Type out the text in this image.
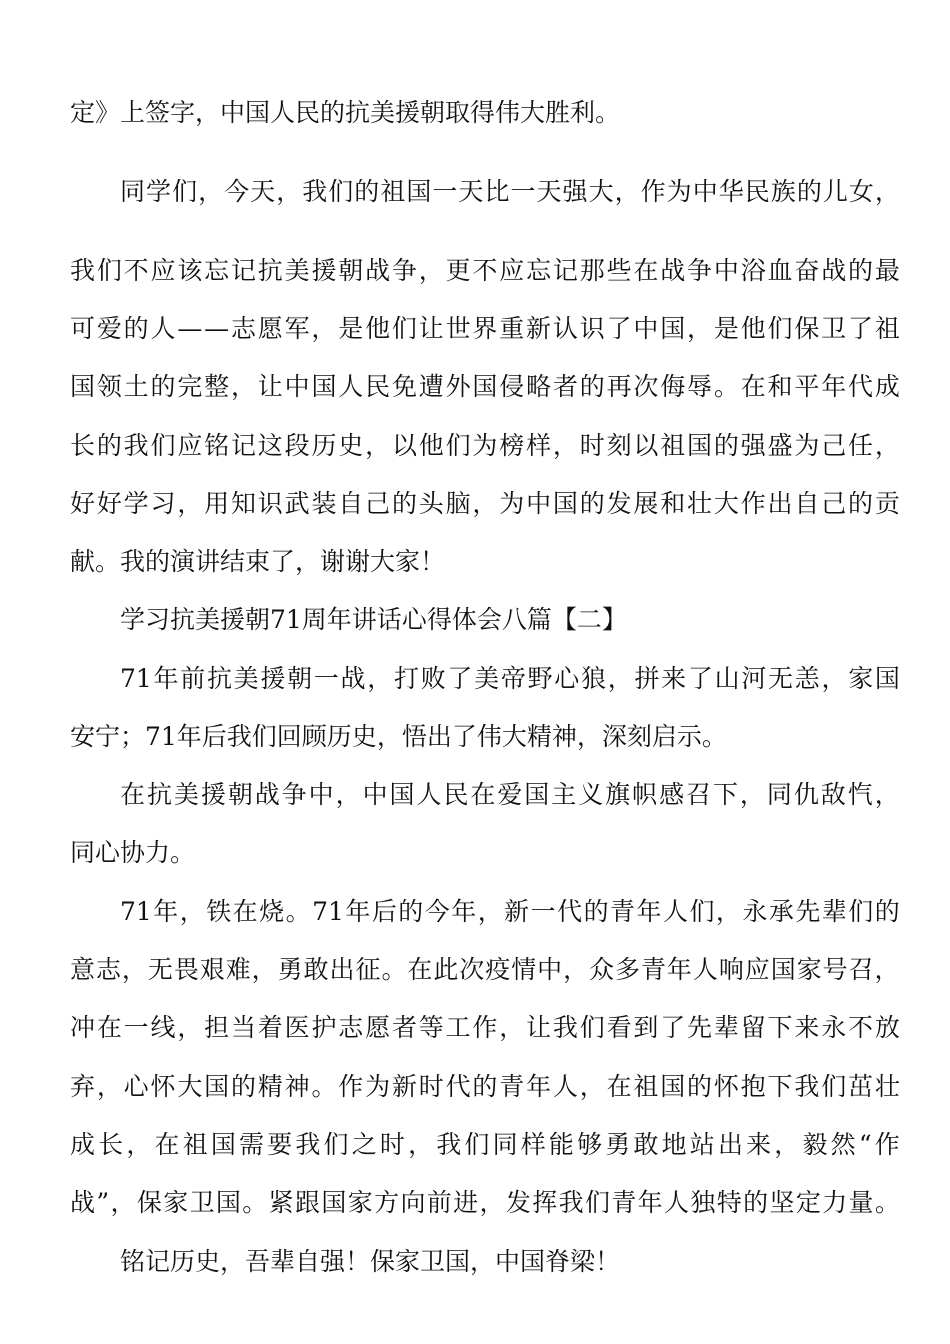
定》上签字，中国人民的抗美援朝取得伟大胜利。
同 学 们 ， 今 天 ， 我 们 的 祖 国 一 天 比 一 天 强 大 ， 作 为 中 华 民 族 的 儿 女 ，
我 们 不 应 该 忘 记 抗 美 援 朝 战 争 ， 更 不 应 忘 记 那 些 在 战 争 中 浴 血 奋 战 的 最
可 爱 的 人 — — 志 愿 军 ， 是 他 们 让 世 界 重 新 认 识 了 中 国 ， 是 他 们 保 卫 了 祖
国 领 土 的 完 整 ， 让 中 国 人 民 免 遭 外 国 侵 略 者 的 再 次 侮 辱 。 在 和 平 年 代 成
长 的 我 们 应 铭 记 这 段 历 史 ， 以 他 们 为 榜 样 ， 时 刻 以 祖 国 的 强 盛 为 己 任 ，
好 好 学 习 ， 用 知 识 武 装 自 己 的 头 脑 ， 为 中 国 的 发 展 和 壮 大 作 出 自 己 的 贡
献。我的演讲结束了，谢谢大家！
学习抗美援朝71周年讲话心得体会八篇【二】
71 年 前 抗 美 援 朝 一 战 ， 打 败 了 美 帝 野 心 狼 ， 拼 来 了 山 河 无 恙 ， 家 国
安宁；71年后我们回顾历史，悟出了伟大精神，深刻启示。
在 抗 美 援 朝 战 争 中 ， 中 国 人 民 在 爱 国 主 义 旗 帜 感 召 下 ， 同 仇 敌 忾 ，
同心协力。
71 年 ， 铁 在 烧 。 71 年 后 的 今 年 ， 新 一 代 的 青 年 人 们 ， 永 承 先 辈 们 的
意 志 ， 无 畏 艰 难 ， 勇 敢 出 征 。 在 此 次 疫 情 中 ， 众 多 青 年 人 响 应 国 家 号 召 ，
冲 在 一 线 ， 担 当 着 医 护 志 愿 者 等 工 作 ， 让 我 们 看 到 了 先 辈 留 下 来 永 不 放
弃 ， 心 怀 大 国 的 精 神 。 作 为 新 时 代 的 青 年 人 ， 在 祖 国 的 怀 抱 下 我 们 茁 壮
成 长 ， 在 祖 国 需 要 我 们 之 时 ， 我 们 同 样 能 够 勇 敢 地 站 出 来 ， 毅 然 “ 作
战 ” ， 保 家 卫 国 。 紧 跟 国 家 方 向 前 进 ， 发 挥 我 们 青 年 人 独 特 的 坚 定 力 量 。
铭记历史，吾辈自强！保家卫国，中国脊梁！
